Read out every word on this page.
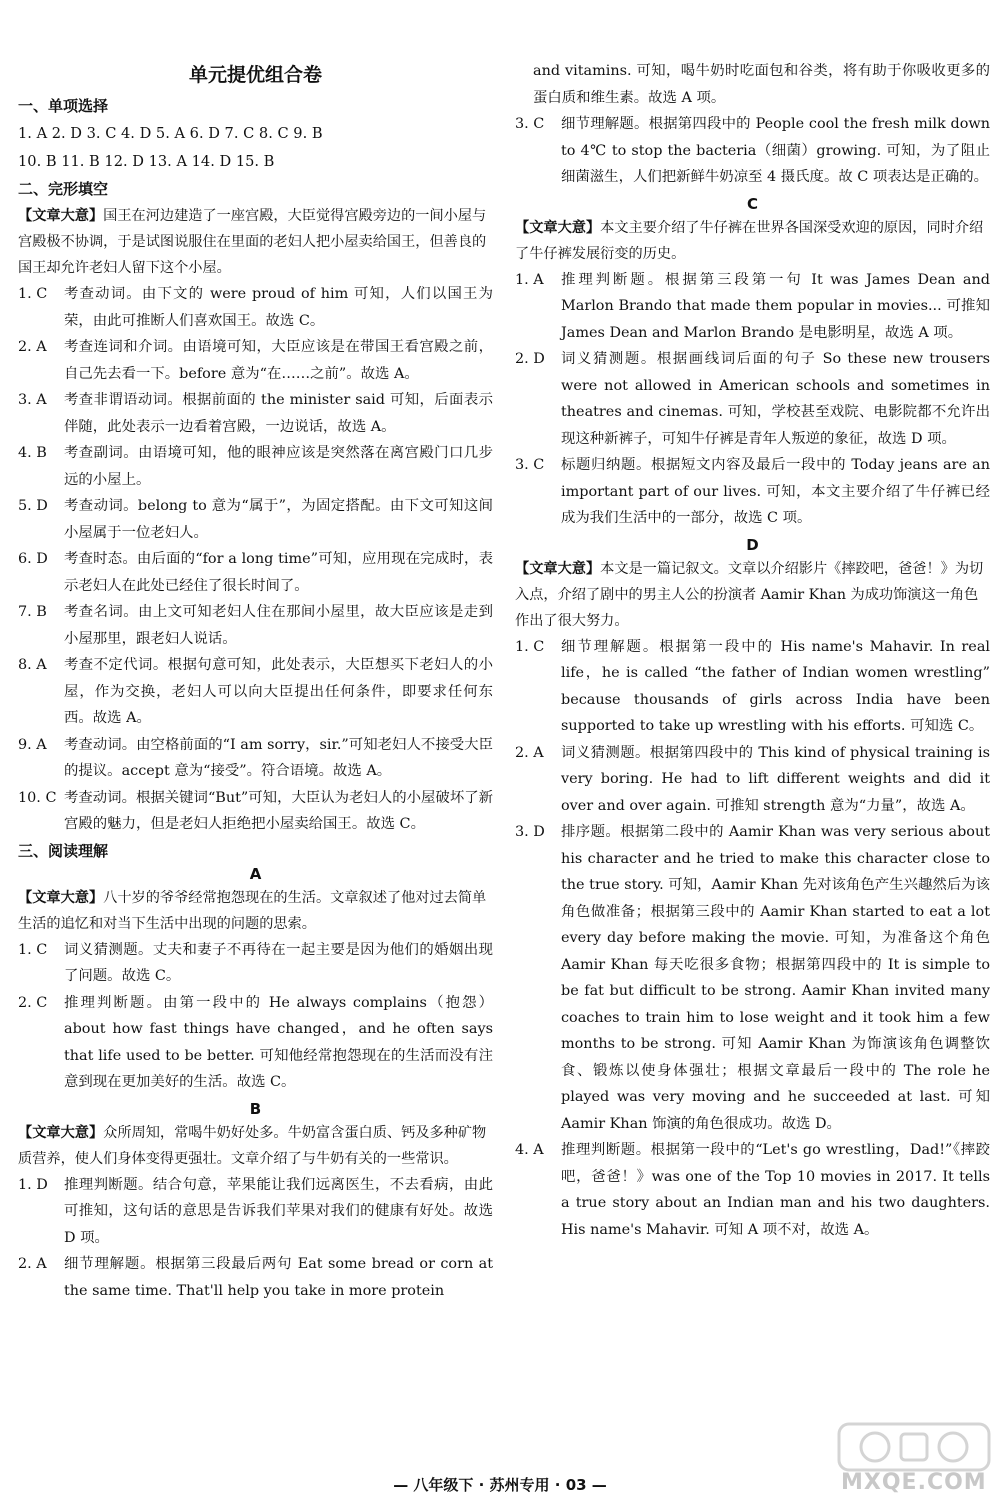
单元提优组合卷
一、单项选择
1. A 2. D 3. C 4. D 5. A 6. D 7. C 8. C 9. B
10. B 11. B 12. D 13. A 14. D 15. B
二、完形填空
【文章大意】国王在河边建造了一座宫殿，大臣觉得宫殿旁边的一间小屋与宫殿极不协调，于是试图说服住在里面的老妇人把小屋卖给国王，但善良的国王却允许老妇人留下这个小屋。
1. C	考查动词。由下文的 were proud of him 可知，人们以国王为荣，由此可推断人们喜欢国王。故选 C。
2. A	考查连词和介词。由语境可知，大臣应该是在带国王看宫殿之前，自己先去看一下。before 意为“在……之前”。故选 A。
3. A	考查非谓语动词。根据前面的 the minister said 可知，后面表示伴随，此处表示一边看着宫殿，一边说话，故选 A。
4. B	考查副词。由语境可知，他的眼神应该是突然落在离宫殿门口几步远的小屋上。
5. D	考查动词。belong to 意为“属于”，为固定搭配。由下文可知这间小屋属于一位老妇人。
6. D	考查时态。由后面的“for a long time”可知，应用现在完成时，表示老妇人在此处已经住了很长时间了。
7. B	考查名词。由上文可知老妇人住在那间小屋里，故大臣应该是走到小屋那里，跟老妇人说话。
8. A	考查不定代词。根据句意可知，此处表示，大臣想买下老妇人的小屋，作为交换，老妇人可以向大臣提出任何条件，即要求任何东西。故选 A。
9. A	考查动词。由空格前面的“I am sorry，sir.”可知老妇人不接受大臣的提议。accept 意为“接受”。符合语境。故选 A。
10. C 考查动词。根据关键词“But”可知，大臣认为老妇人的小屋破坏了新宫殿的魅力，但是老妇人拒绝把小屋卖给国王。故选 C。
三、阅读理解
A
【文章大意】八十岁的爷爷经常抱怨现在的生活。文章叙述了他对过去简单生活的追忆和对当下生活中出现的问题的思索。
1. C	词义猜测题。丈夫和妻子不再待在一起主要是因为他们的婚姻出现了问题。故选 C。
2. C	推理判断题。由第一段中的 He always complains（抱怨）about how fast things have changed，and he often says that life used to be better. 可知他经常抱怨现在的生活而没有注意到现在更加美好的生活。故选 C。
B
【文章大意】众所周知，常喝牛奶好处多。牛奶富含蛋白质、钙及多种矿物质营养，使人们身体变得更强壮。文章介绍了与牛奶有关的一些常识。
1. D	推理判断题。结合句意，苹果能让我们远离医生，不去看病，由此可推知，这句话的意思是告诉我们苹果对我们的健康有好处。故选 D 项。
2. A	细节理解题。根据第三段最后两句 Eat some bread or corn at the same time. That'll help you take in more protein
and vitamins. 可知，喝牛奶时吃面包和谷类，将有助于你吸收更多的蛋白质和维生素。故选 A 项。
3. C	细节理解题。根据第四段中的 People cool the fresh milk down to 4℃ to stop the bacteria（细菌）growing. 可知，为了阻止细菌滋生，人们把新鲜牛奶凉至 4 摄氏度。故 C 项表达是正确的。
C
【文章大意】本文主要介绍了牛仔裤在世界各国深受欢迎的原因，同时介绍了牛仔裤发展衍变的历史。
1. A	推理判断题。根据第三段第一句 It was James Dean and Marlon Brando that made them popular in movies... 可推知 James Dean and Marlon Brando 是电影明星，故选 A 项。
2. D	词义猜测题。根据画线词后面的句子 So these new trousers were not allowed in American schools and sometimes in theatres and cinemas. 可知，学校甚至戏院、电影院都不允许出现这种新裤子，可知牛仔裤是青年人叛逆的象征，故选 D 项。
3. C	标题归纳题。根据短文内容及最后一段中的 Today jeans are an important part of our lives. 可知，本文主要介绍了牛仔裤已经成为我们生活中的一部分，故选 C 项。
D
【文章大意】本文是一篇记叙文。文章以介绍影片《摔跤吧，爸爸！》为切入点，介绍了剧中的男主人公的扮演者 Aamir Khan 为成功饰演这一角色作出了很大努力。
1. C	细节理解题。根据第一段中的 His name's Mahavir. In real life，he is called “the father of Indian women wrestling” because thousands of girls across India have been supported to take up wrestling with his efforts. 可知选 C。
2. A	词义猜测题。根据第四段中的 This kind of physical training is very boring. He had to lift different weights and did it over and over again. 可推知 strength 意为“力量”，故选 A。
3. D	排序题。根据第二段中的 Aamir Khan was very serious about his character and he tried to make this character close to the true story. 可知，Aamir Khan 先对该角色产生兴趣然后为该角色做准备；根据第三段中的 Aamir Khan started to eat a lot every day before making the movie. 可知，为准备这个角色 Aamir Khan 每天吃很多食物；根据第四段中的 It is simple to be fat but difficult to be strong. Aamir Khan invited many coaches to train him to lose weight and it took him a few months to be strong. 可知 Aamir Khan 为饰演该角色调整饮食、锻炼以使身体强壮；根据文章最后一段中的 The role he played was very moving and he succeeded at last. 可知 Aamir Khan 饰演的角色很成功。故选 D。
4. A	推理判断题。根据第一段中的“Let's go wrestling，Dad!”《摔跤吧，爸爸！》was one of the Top 10 movies in 2017. It tells a true story about an Indian man and his two daughters. His name's Mahavir. 可知 A 项不对，故选 A。
— 八年级下 · 苏州专用 · 03 —	MXQE.COM
